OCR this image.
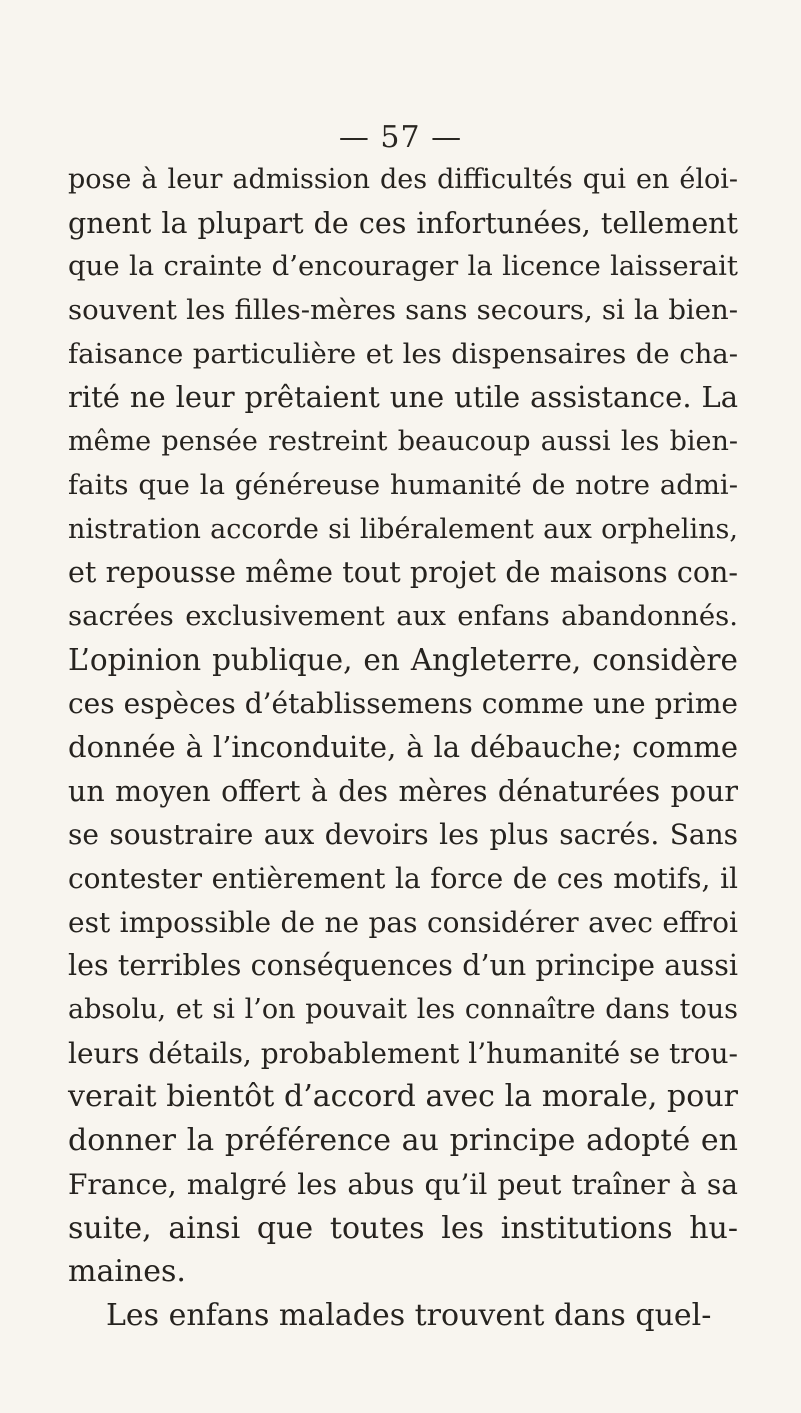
— 57 —
pose à leur admission des difficultés qui en éloi-
gnent la plupart de ces infortunées, tellement
que la crainte d’encourager la licence laisserait
souvent les filles-mères sans secours, si la bien-
faisance particulière et les dispensaires de cha-
rité ne leur prêtaient une utile assistance. La
même pensée restreint beaucoup aussi les bien-
faits que la généreuse humanité de notre admi-
nistration accorde si libéralement aux orphelins,
et repousse même tout projet de maisons con-
sacrées exclusivement aux enfans abandonnés.
L’opinion publique, en Angleterre, considère
ces espèces d’établissemens comme une prime
donnée à l’inconduite, à la débauche; comme
un moyen offert à des mères dénaturées pour
se soustraire aux devoirs les plus sacrés. Sans
contester entièrement la force de ces motifs, il
est impossible de ne pas considérer avec effroi
les terribles conséquences d’un principe aussi
absolu, et si l’on pouvait les connaître dans tous
leurs détails, probablement l’humanité se trou-
verait bientôt d’accord avec la morale, pour
donner la préférence au principe adopté en
France, malgré les abus qu’il peut traîner à sa
suite, ainsi que toutes les institutions hu-
maines.
Les enfans malades trouvent dans quel-
